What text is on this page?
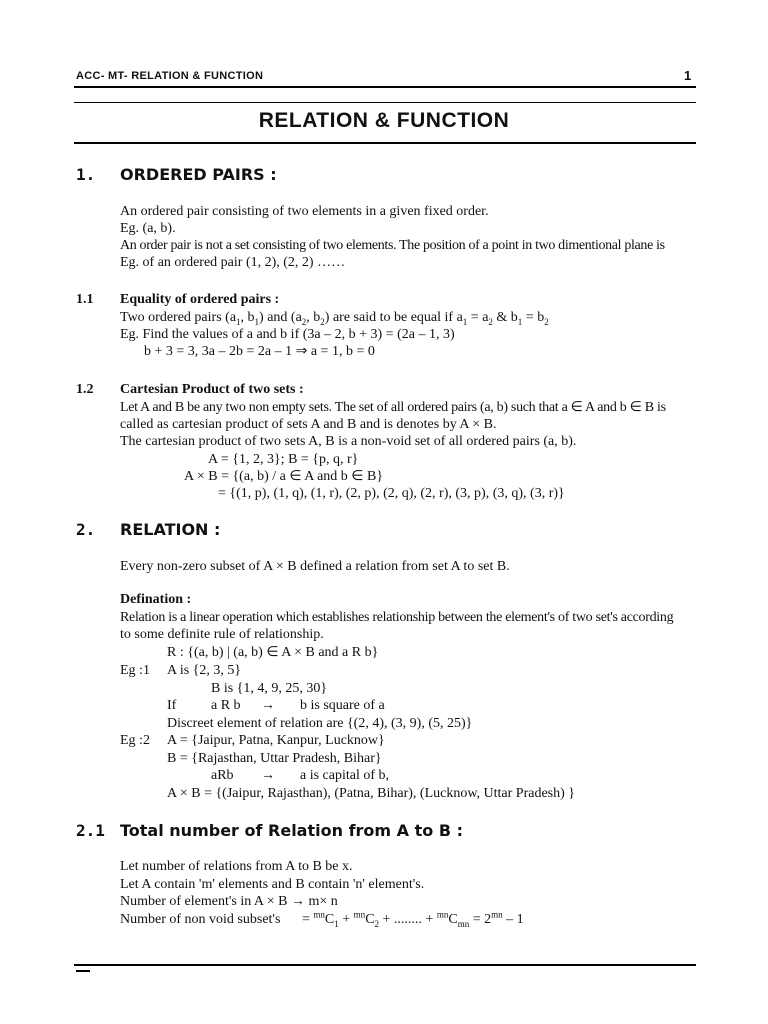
ACC- MT- RELATION & FUNCTION	1
RELATION & FUNCTION
1. ORDERED PAIRS :
An ordered pair consisting of two elements in a given fixed order.
Eg. (a, b).
An order pair is not a set consisting of two elements. The position of a point in two dimentional plane is
Eg. of an ordered pair (1, 2), (2, 2) ……
1.1 Equality of ordered pairs :
Two ordered pairs ($a_1$, $b_1$) and ($a_2$, $b_2$) are said to be equal if $a_1 = a_2$ & $b_1 = b_2$
Eg. Find the values of a and b if (3a – 2, b + 3) = (2a – 1, 3)
b + 3 = 3, 3a – 2b = 2a – 1 ⇒ a = 1, b = 0
1.2 Cartesian Product of two sets :
Let A and B be any two non empty sets. The set of all ordered pairs (a, b) such that a ∈ A and b ∈ B is
called as cartesian product of sets A and B and is denotes by A × B.
The cartesian product of two sets A, B is a non-void set of all ordered pairs (a, b).
A = {1, 2, 3}; B = {p, q, r}
A × B = {(a, b) / a ∈ A and b ∈ B}
= {(1, p), (1, q), (1, r), (2, p), (2, q), (2, r), (3, p), (3, q), (3, r)}
2. RELATION :
Every non-zero subset of A × B defined a relation from set A to set B.
Defination :
Relation is a linear operation which establishes relationship between the element's of two set's according
to some definite rule of relationship.
R : {(a, b) | (a, b) ∈ A × B and a R b}
Eg :1 A is {2, 3, 5}
B is {1, 4, 9, 25, 30}
If a R b → b is square of a
Discreet element of relation are {(2, 4), (3, 9), (5, 25)}
Eg :2 A = {Jaipur, Patna, Kanpur, Lucknow}
B = {Rajasthan, Uttar Pradesh, Bihar}
aRb → a is capital of b,
A × B = {(Jaipur, Rajasthan), (Patna, Bihar), (Lucknow, Uttar Pradesh) }
2.1 Total number of Relation from A to B :
Let number of relations from A to B be x.
Let A contain 'm' elements and B contain 'n' element's.
Number of element's in A × B → m× n
Number of non void subset's = $^{mn}C_1 + ^{mn}C_2$ + ........ + $^{mn}C_{mn} = 2^{mn} - 1$
